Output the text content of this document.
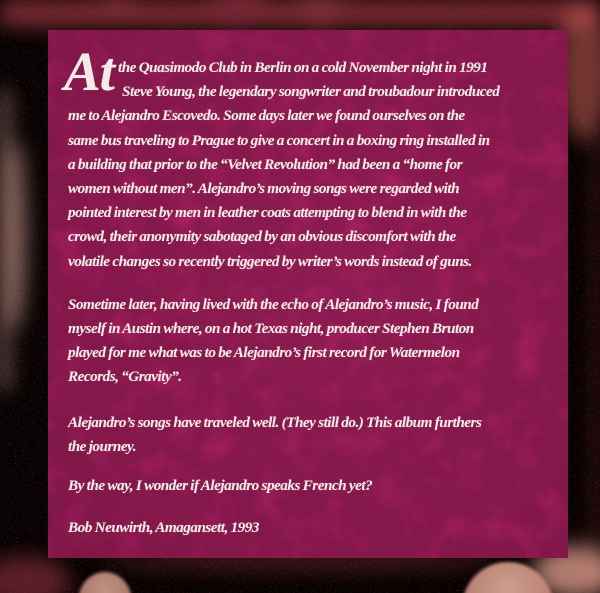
At the Quasimodo Club in Berlin on a cold November night in 1991
Steve Young, the legendary songwriter and troubadour introduced
me to Alejandro Escovedo. Some days later we found ourselves on the
same bus traveling to Prague to give a concert in a boxing ring installed in
a building that prior to the “Velvet Revolution” had been a “home for
women without men”. Alejandro’s moving songs were regarded with
pointed interest by men in leather coats attempting to blend in with the
crowd, their anonymity sabotaged by an obvious discomfort with the
volatile changes so recently triggered by writer’s words instead of guns.
Sometime later, having lived with the echo of Alejandro’s music, I found
myself in Austin where, on a hot Texas night, producer Stephen Bruton
played for me what was to be Alejandro’s first record for Watermelon
Records, “Gravity”.
Alejandro’s songs have traveled well. (They still do.) This album furthers
the journey.
By the way, I wonder if Alejandro speaks French yet?
Bob Neuwirth, Amagansett, 1993
